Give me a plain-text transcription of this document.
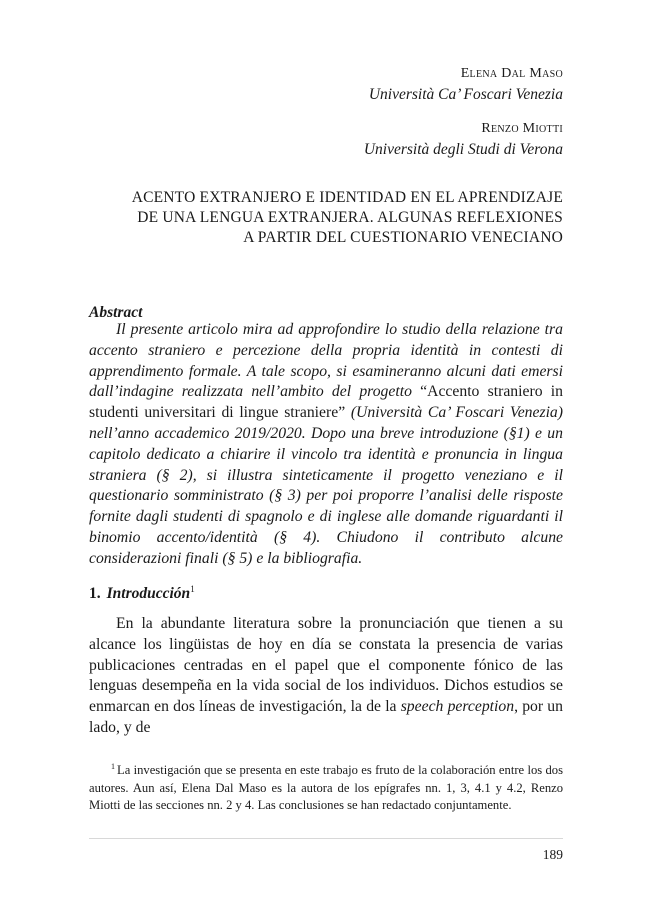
Elena Dal Maso
Università Ca’ Foscari Venezia
Renzo Miotti
Università degli Studi di Verona
ACENTO EXTRANJERO E IDENTIDAD EN EL APRENDIZAJE
DE UNA LENGUA EXTRANJERA. ALGUNAS REFLEXIONES
A PARTIR DEL CUESTIONARIO VENECIANO
Abstract

Il presente articolo mira ad approfondire lo studio della relazione tra accento straniero e percezione della propria identità in contesti di apprendimento formale. A tale scopo, si esamineranno alcuni dati emersi dall’indagine realizzata nell’ambito del progetto “Accento straniero in studenti universitari di lingue straniere” (Università Ca’ Foscari Venezia) nell’anno accademico 2019/2020. Dopo una breve introduzione (§1) e un capitolo dedicato a chiarire il vincolo tra identità e pronuncia in lingua straniera (§ 2), si illustra sinteticamente il progetto veneziano e il questionario somministrato (§ 3) per poi proporre l’analisi delle risposte fornite dagli studenti di spagnolo e di inglese alle domande riguardanti il binomio accento/identità (§ 4). Chiudono il contributo alcune considerazioni finali (§ 5) e la bibliografia.

1. Introducción$^1$

En la abundante literatura sobre la pronunciación que tienen a su alcance los lingüistas de hoy en día se constata la presencia de varias publicaciones centradas en el papel que el componente fónico de las lenguas desempeña en la vida social de los individuos. Dichos estudios se enmarcan en dos líneas de investigación, la de la speech perception, por un lado, y de

$^1$ La investigación que se presenta en este trabajo es fruto de la colaboración entre los dos autores. Aun así, Elena Dal Maso es la autora de los epígrafes nn. 1, 3, 4.1 y 4.2, Renzo Miotti de las secciones nn. 2 y 4. Las conclusiones se han redactado conjuntamente.

189
